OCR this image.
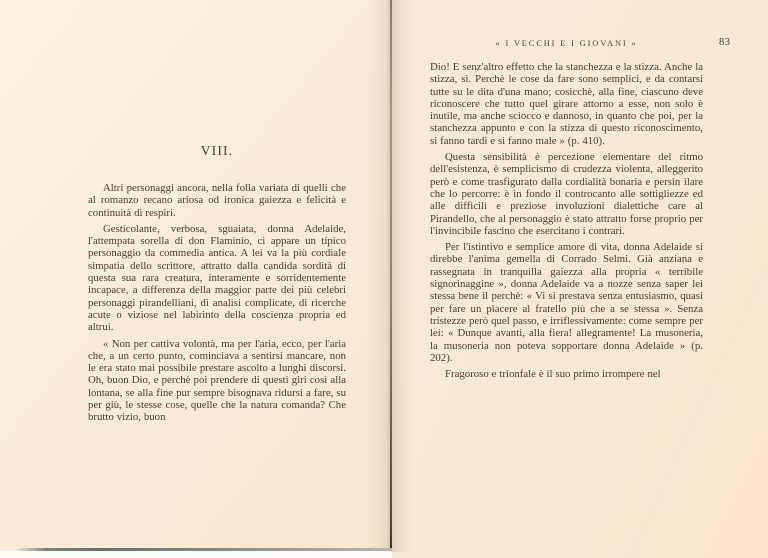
« I VECCHI E I GIOVANI »	83
VIII.

Altri personaggi ancora, nella folla variata di quelli che al romanzo recano ariosa od ironica gaiezza e felicità e continuità di respiri.

Gesticolante, verbosa, sguaiata, donna Adelaide, l'attempata sorella di don Flaminio, ci appare un tipico personaggio da commedia antica. A lei va la più cordiale simpatia dello scrittore, attratto dalla candida sordità di questa sua rara creatura, interamente e sorridentemente incapace, a differenza della maggior parte dei più celebri personaggi pirandelliani, di analisi complicate, di ricerche acute o viziose nel labirinto della coscienza propria ed altrui.

« Non per cattiva volontà, ma per l'aria, ecco, per l'aria che, a un certo punto, cominciava a sentirsi mancare, non le era stato mai possibile prestare ascolto a lunghi discorsi. Oh, buon Dio, e perchè poi prendere di questi giri così alla lontana, se alla fine pur sempre bisognava ridursi a fare, su per giù, le stesse cose, quelle che la natura comanda? Che brutto vizio, buon

Dio! E senz'altro effetto che la stanchezza e la stizza. Anche la stizza, sì. Perchè le cose da fare sono semplici, e da contarsi tutte su le dita d'una mano; cosicchè, alla fine, ciascuno deve riconoscere che tutto quel girare attorno a esse, non solo è inutile, ma anche sciocco e dannoso, in quanto che poi, per la stanchezza appunto e con la stizza di questo riconoscimento, si fanno tardi e si fanno male » (p. 410).

Questa sensibilità è percezione elementare del ritmo dell'esistenza, è semplicismo di crudezza violenta, alleggerito però e come trasfigurato dalla cordialità bonaria e persin ilare che lo percorre: è in fondo il controcanto alle sottigliezze ed alle difficili e preziose involuzioni dialettiche care al Pirandello, che al personaggio è stato attratto forse proprio per l'invincibile fascino che esercitano i contrari.

Per l'istintivo e semplice amore di vita, donna Adelaide si direbbe l'anima gemella di Corrado Selmi. Già anziana e rassegnata in tranquilla gaiezza alla propria « terribile signorinaggine », donna Adelaide va a nozze senza saper lei stessa bene il perchè: « Vi si prestava senza entusiasmo, quasi per fare un piacere al fratello più che a se stessa ». Senza tristezze però quel passo, e irriflessivamente: come sempre per lei: « Dunque avanti, alla fiera! allegramente! La musoneria, la musoneria non poteva sopportare donna Adelaide » (p. 202).

Fragoroso e trionfale è il suo primo irrompere nel
